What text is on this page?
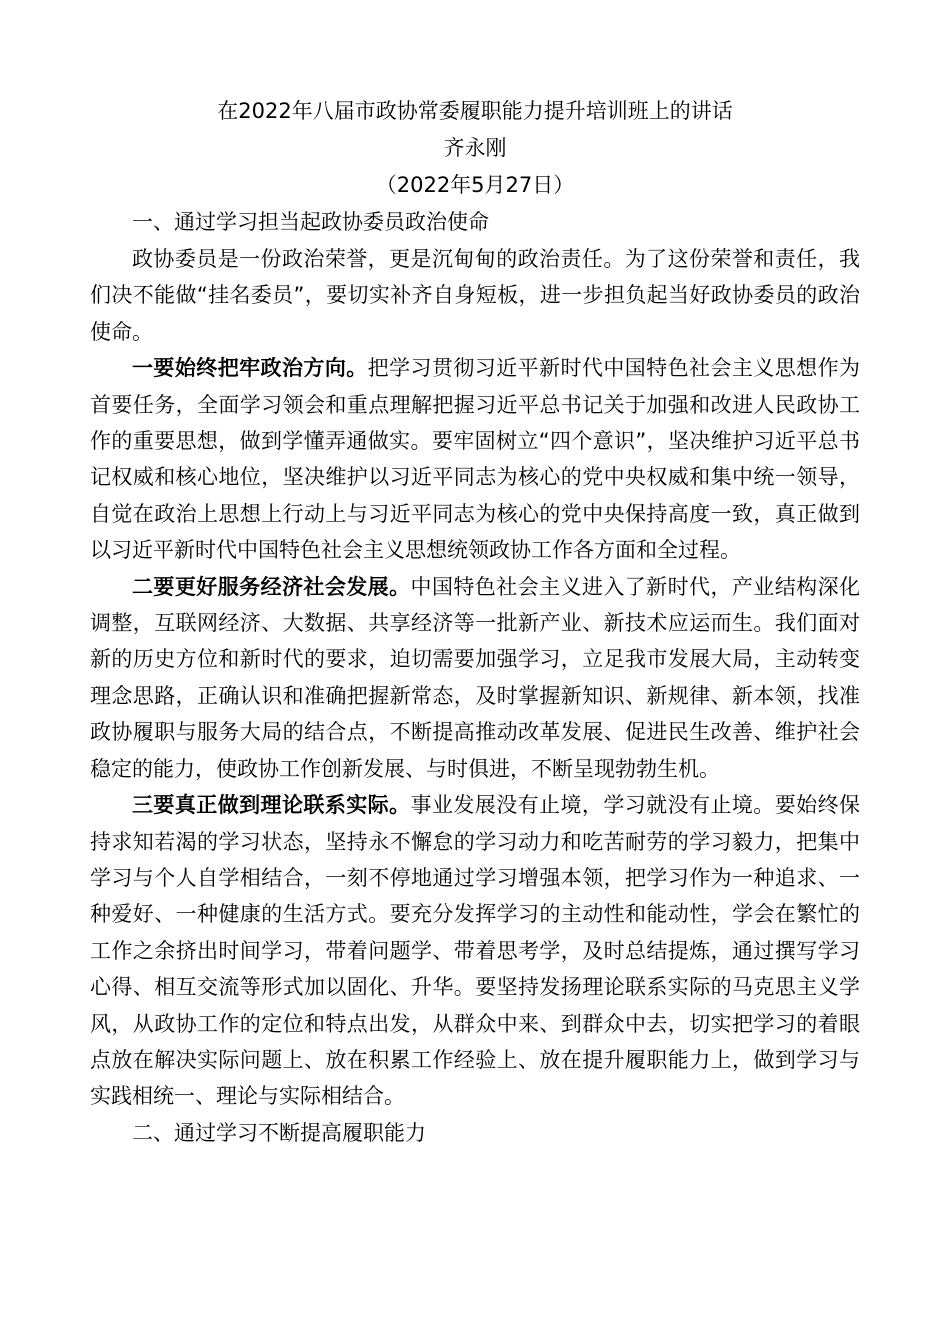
在2022年八届市政协常委履职能力提升培训班上的讲话

齐永刚

（2022年5月27日）

一、通过学习担当起政协委员政治使命

政协委员是一份政治荣誉，更是沉甸甸的政治责任。为了这份荣誉和责任，我们决不能做“挂名委员”，要切实补齐自身短板，进一步担负起当好政协委员的政治使命。

一要始终把牢政治方向。把学习贯彻习近平新时代中国特色社会主义思想作为首要任务，全面学习领会和重点理解把握习近平总书记关于加强和改进人民政协工作的重要思想，做到学懂弄通做实。要牢固树立“四个意识”，坚决维护习近平总书记权威和核心地位，坚决维护以习近平同志为核心的党中央权威和集中统一领导，自觉在政治上思想上行动上与习近平同志为核心的党中央保持高度一致，真正做到以习近平新时代中国特色社会主义思想统领政协工作各方面和全过程。

二要更好服务经济社会发展。中国特色社会主义进入了新时代，产业结构深化调整，互联网经济、大数据、共享经济等一批新产业、新技术应运而生。我们面对新的历史方位和新时代的要求，迫切需要加强学习，立足我市发展大局，主动转变理念思路，正确认识和准确把握新常态，及时掌握新知识、新规律、新本领，找准政协履职与服务大局的结合点，不断提高推动改革发展、促进民生改善、维护社会稳定的能力，使政协工作创新发展、与时俱进，不断呈现勃勃生机。

三要真正做到理论联系实际。事业发展没有止境，学习就没有止境。要始终保持求知若渴的学习状态，坚持永不懈怠的学习动力和吃苦耐劳的学习毅力，把集中学习与个人自学相结合，一刻不停地通过学习增强本领，把学习作为一种追求、一种爱好、一种健康的生活方式。要充分发挥学习的主动性和能动性，学会在繁忙的工作之余挤出时间学习，带着问题学、带着思考学，及时总结提炼，通过撰写学习心得、相互交流等形式加以固化、升华。要坚持发扬理论联系实际的马克思主义学风，从政协工作的定位和特点出发，从群众中来、到群众中去，切实把学习的着眼点放在解决实际问题上、放在积累工作经验上、放在提升履职能力上，做到学习与实践相统一、理论与实际相结合。

二、通过学习不断提高履职能力
